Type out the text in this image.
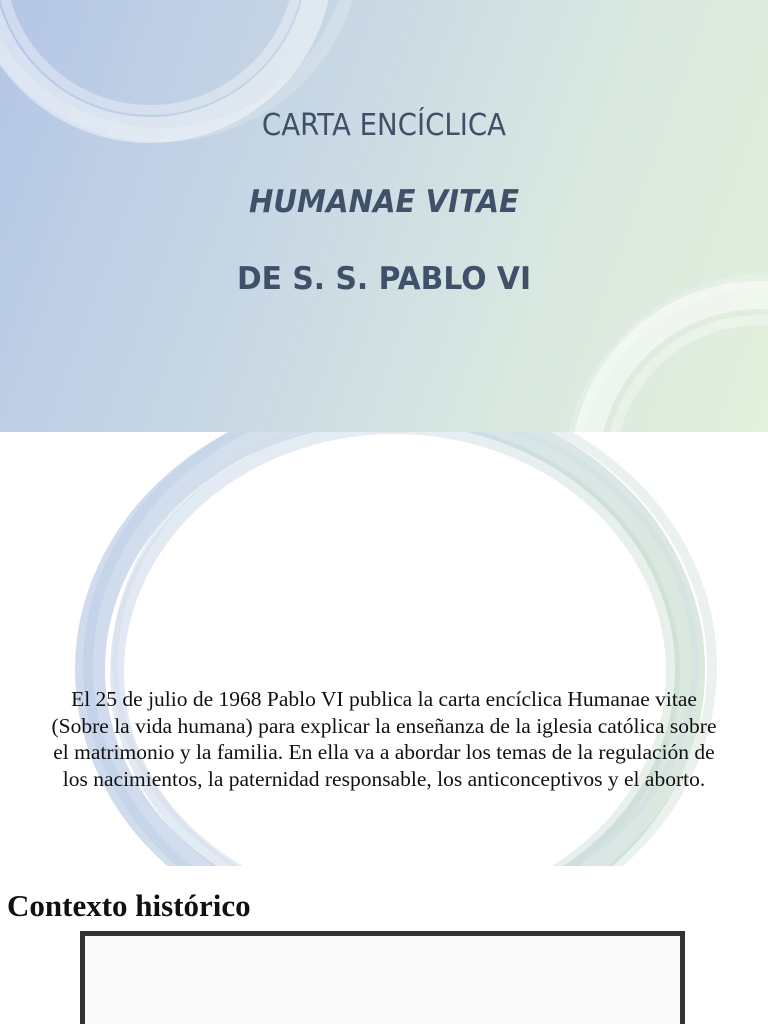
CARTA ENCÍCLICA

HUMANAE VITAE

DE S. S. PABLO VI

El 25 de julio de 1968 Pablo VI publica la carta encíclica Humanae vitae (Sobre la vida humana) para explicar la enseñanza de la iglesia católica sobre el matrimonio y la familia. En ella va a abordar los temas de la regulación de los nacimientos, la paternidad responsable, los anticonceptivos y el aborto.

Contexto histórico
